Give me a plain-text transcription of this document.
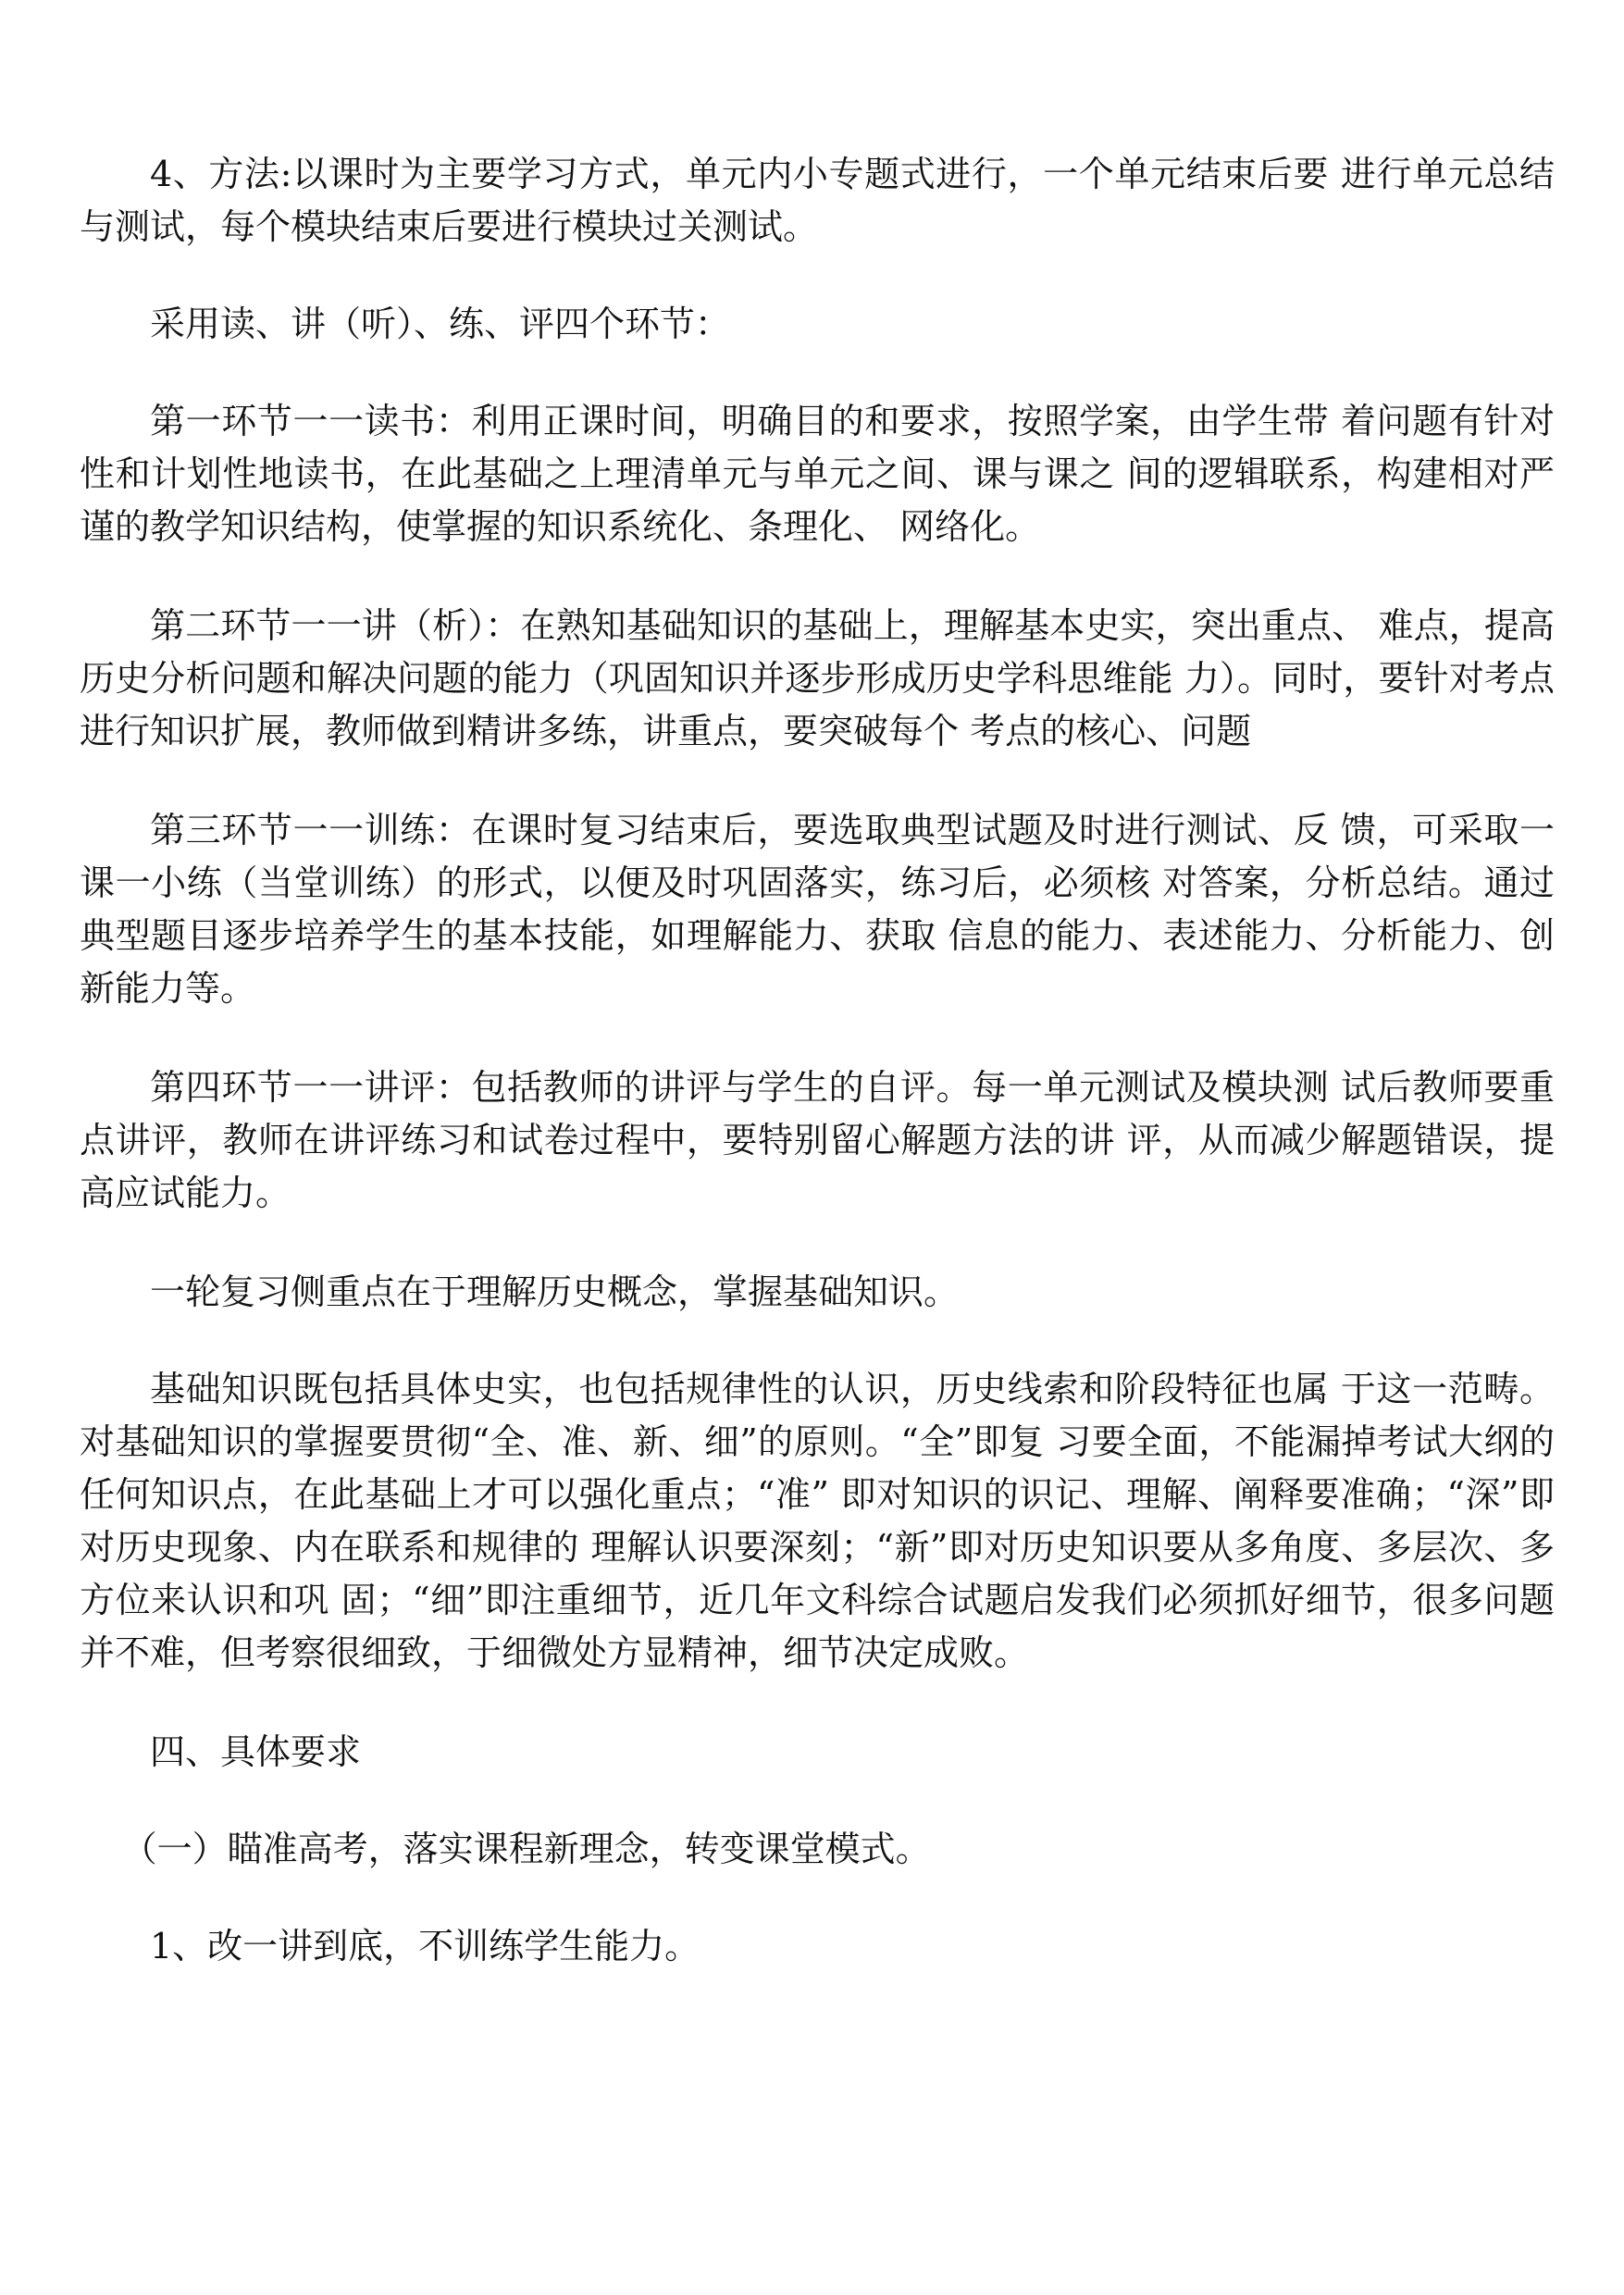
4、方法:以课时为主要学习方式，单元内小专题式进行，一个单元结束后要 进行单元总结与测试，每个模块结束后要进行模块过关测试。

采用读、讲（听）、练、评四个环节：

第一环节一一读书：利用正课时间，明确目的和要求，按照学案，由学生带 着问题有针对性和计划性地读书，在此基础之上理清单元与单元之间、课与课之 间的逻辑联系，构建相对严谨的教学知识结构，使掌握的知识系统化、条理化、 网络化。

第二环节一一讲（析）：在熟知基础知识的基础上，理解基本史实，突出重点、 难点，提高历史分析问题和解决问题的能力（巩固知识并逐步形成历史学科思维能 力）。同时，要针对考点进行知识扩展，教师做到精讲多练，讲重点，要突破每个 考点的核心、问题

第三环节一一训练：在课时复习结束后，要选取典型试题及时进行测试、反 馈，可采取一课一小练（当堂训练）的形式，以便及时巩固落实，练习后，必须核 对答案，分析总结。通过典型题目逐步培养学生的基本技能，如理解能力、获取 信息的能力、表述能力、分析能力、创新能力等。

第四环节一一讲评：包括教师的讲评与学生的自评。每一单元测试及模块测 试后教师要重点讲评，教师在讲评练习和试卷过程中，要特别留心解题方法的讲 评，从而减少解题错误，提高应试能力。

一轮复习侧重点在于理解历史概念，掌握基础知识。

基础知识既包括具体史实，也包括规律性的认识，历史线索和阶段特征也属 于这一范畴。对基础知识的掌握要贯彻“全、准、新、细”的原则。“全”即复 习要全面，不能漏掉考试大纲的任何知识点，在此基础上才可以强化重点；“准” 即对知识的识记、理解、阐释要准确；“深”即对历史现象、内在联系和规律的 理解认识要深刻；“新”即对历史知识要从多角度、多层次、多方位来认识和巩 固；“细”即注重细节，近几年文科综合试题启发我们必须抓好细节，很多问题 并不难，但考察很细致，于细微处方显精神，细节决定成败。

四、具体要求

（一）瞄准高考，落实课程新理念，转变课堂模式。

1、改一讲到底，不训练学生能力。
